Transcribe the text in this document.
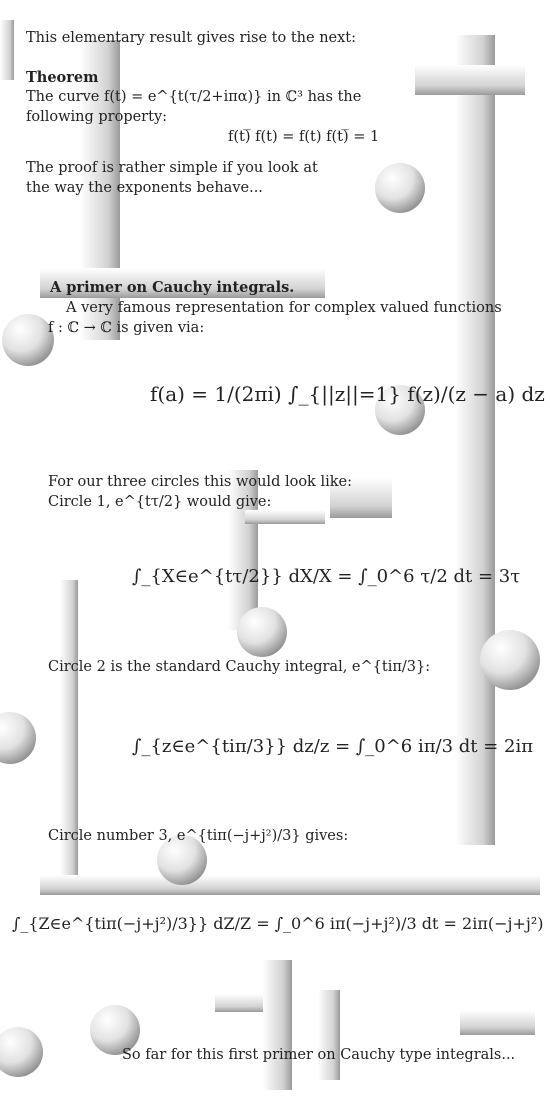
This elementary result gives rise to the next:
Theorem
The curve f(t) = e^{t(τ/2+iπα)} in ℂ³ has the
following property:
f(t)̅ f(t) = f(t) f(t)̅ = 1
The proof is rather simple if you look at
the way the exponents behave...
A primer on Cauchy integrals.
A very famous representation for complex valued functions
f : ℂ → ℂ is given via:
f(a) = 1/(2πi) ∫_{||z||=1} f(z)/(z − a) dz
For our three circles this would look like:
Circle 1, e^{tτ/2} would give:
∫_{X∈e^{tτ/2}} dX/X = ∫_0^6 τ/2 dt = 3τ
Circle 2 is the standard Cauchy integral, e^{tiπ/3}:
∫_{z∈e^{tiπ/3}} dz/z = ∫_0^6 iπ/3 dt = 2iπ
Circle number 3, e^{tiπ(−j+j²)/3} gives:
∫_{Z∈e^{tiπ(−j+j²)/3}} dZ/Z = ∫_0^6 iπ(−j+j²)/3 dt = 2iπ(−j+j²)
So far for this first primer on Cauchy type integrals...
